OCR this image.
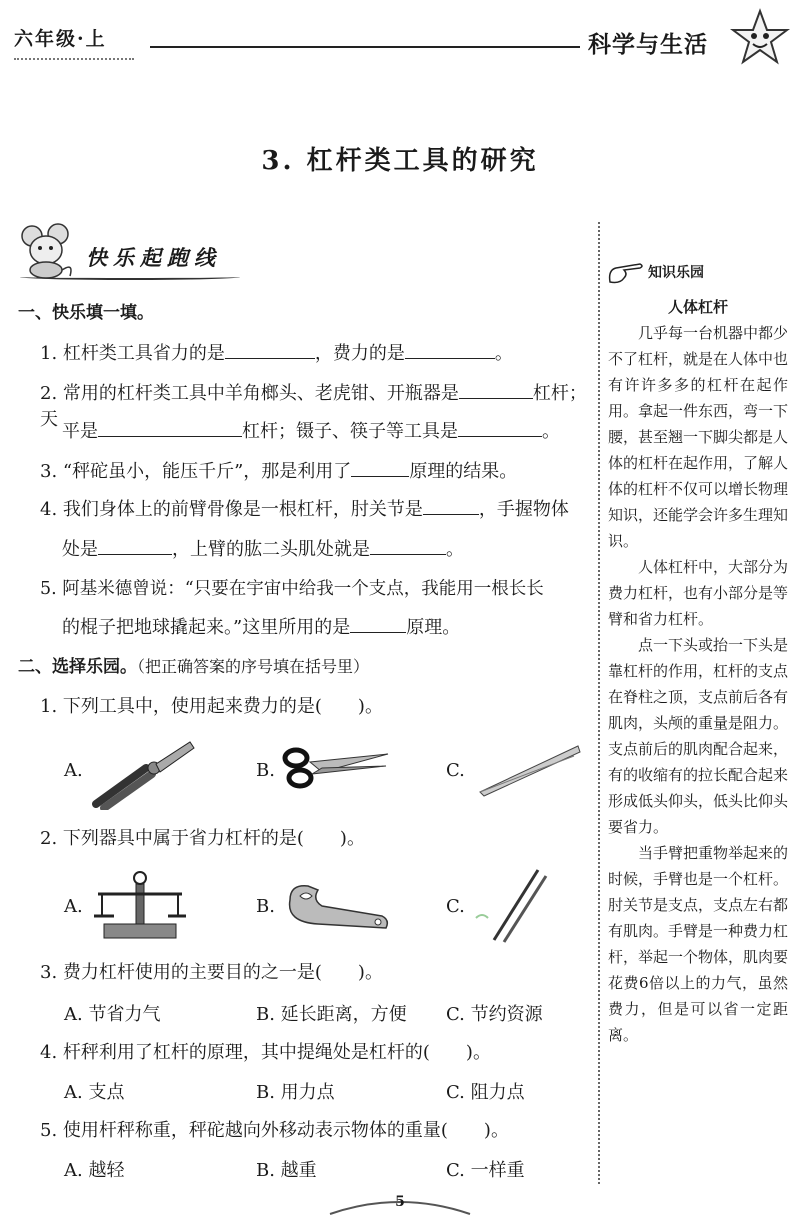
六年级·上	科学与生活
3. 杠杆类工具的研究
快乐起跑线
一、快乐填一填。
1. 杠杆类工具省力的是	，费力的是	。
2. 常用的杠杆类工具中羊角榔头、老虎钳、开瓶器是	杠杆；天
平是	杠杆；镊子、筷子等工具是	。
3. “秤砣虽小，能压千斤”，那是利用了	原理的结果。
4. 我们身体上的前臂骨像是一根杠杆，肘关节是	，手握物体
处是	，上臂的肱二头肌处就是	。
5. 阿基米德曾说：“只要在宇宙中给我一个支点，我能用一根长长
的棍子把地球撬起来。”这里所用的是	原理。
二、选择乐园。（把正确答案的序号填在括号里）
1. 下列工具中，使用起来费力的是(　　)。
A.	B.	C.
2. 下列器具中属于省力杠杆的是(　　)。
A.	B.	C.
3. 费力杠杆使用的主要目的之一是(　　)。
A. 节省力气	B. 延长距离，方便 C. 节约资源
4. 杆秤利用了杠杆的原理，其中提绳处是杠杆的(　　)。
A. 支点	B. 用力点	C. 阻力点
5. 使用杆秤称重，秤砣越向外移动表示物体的重量(　　)。
A. 越轻	B. 越重	C. 一样重
知识乐园
人体杠杆

几乎每一台机器中都少不了杠杆，就是在人体中也有许许多多的杠杆在起作用。拿起一件东西，弯一下腰，甚至翘一下脚尖都是人体的杠杆在起作用，了解人体的杠杆不仅可以增长物理知识，还能学会许多生理知识。

人体杠杆中，大部分为费力杠杆，也有小部分是等臂和省力杠杆。

点一下头或抬一下头是靠杠杆的作用，杠杆的支点在脊柱之顶，支点前后各有肌肉，头颅的重量是阻力。支点前后的肌肉配合起来，有的收缩有的拉长配合起来形成低头仰头，低头比仰头要省力。

当手臂把重物举起来的时候，手臂也是一个杠杆。肘关节是支点，支点左右都有肌肉。手臂是一种费力杠杆，举起一个物体，肌肉要花费6倍以上的力气，虽然费力，但是可以省一定距离。

5
